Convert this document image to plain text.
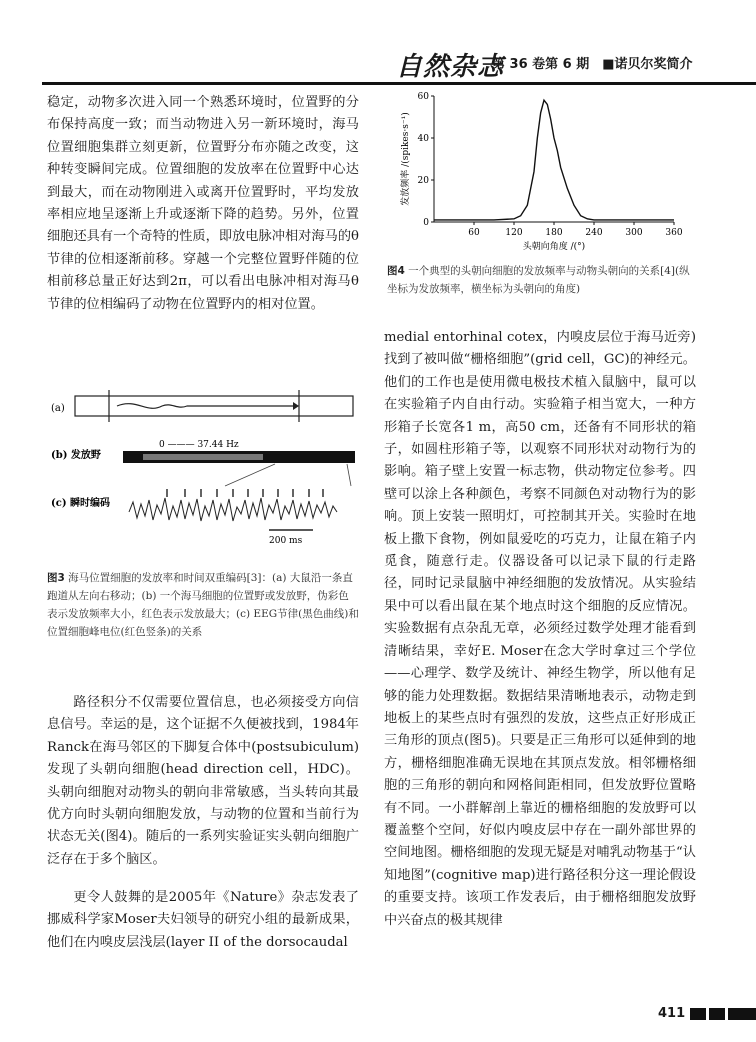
自然杂志
第 36 卷第 6 期　■诺贝尔奖简介

稳定，动物多次进入同一个熟悉环境时，位置野的分布保持高度一致；而当动物进入另一新环境时，海马位置细胞集群立刻更新，位置野分布亦随之改变，这种转变瞬间完成。位置细胞的发放率在位置野中心达到最大，而在动物刚进入或离开位置野时，平均发放率相应地呈逐渐上升或逐渐下降的趋势。另外，位置细胞还具有一个奇特的性质，即放电脉冲相对海马的θ节律的位相逐渐前移。穿越一个完整位置野伴随的位相前移总量正好达到2π，可以看出电脉冲相对海马θ节律的位相编码了动物在位置野内的相对位置。

(a)
(b) 发放野
0 ——— 37.44 Hz
(c) 瞬时编码
200 ms
图3 海马位置细胞的发放率和时间双重编码[3]：(a) 大鼠沿一条直跑道从左向右移动；(b) 一个海马细胞的位置野或发放野，伪彩色表示发放频率大小，红色表示发放最大；(c) EEG节律(黑色曲线)和位置细胞峰电位(红色竖条)的关系

路径积分不仅需要位置信息，也必须接受方向信息信号。幸运的是，这个证据不久便被找到，1984年Ranck在海马邻区的下脚复合体中(postsubiculum)发现了头朝向细胞(head direction cell，HDC)。头朝向细胞对动物头的朝向非常敏感，当头转向其最优方向时头朝向细胞发放，与动物的位置和当前行为状态无关(图4)。随后的一系列实验证实头朝向细胞广泛存在于多个脑区。

更令人鼓舞的是2005年《Nature》杂志发表了挪威科学家Moser夫妇领导的研究小组的最新成果，他们在内嗅皮层浅层(layer II of the dorsocaudal

60	120	180	240	300	360
0
20
40
60
头朝向角度 /(°)
发放频率 /(spikes·s⁻¹)
图4 一个典型的头朝向细胞的发放频率与动物头朝向的关系[4](纵坐标为发放频率，横坐标为头朝向的角度)

medial entorhinal cotex，内嗅皮层位于海马近旁)找到了被叫做“栅格细胞”(grid cell，GC)的神经元。他们的工作也是使用微电极技术植入鼠脑中，鼠可以在实验箱子内自由行动。实验箱子相当宽大，一种方形箱子长宽各1 m，高50 cm，还备有不同形状的箱子，如圆柱形箱子等，以观察不同形状对动物行为的影响。箱子壁上安置一标志物，供动物定位参考。四壁可以涂上各种颜色，考察不同颜色对动物行为的影响。顶上安装一照明灯，可控制其开关。实验时在地板上撒下食物，例如鼠爱吃的巧克力，让鼠在箱子内觅食，随意行走。仪器设备可以记录下鼠的行走路径，同时记录鼠脑中神经细胞的发放情况。从实验结果中可以看出鼠在某个地点时这个细胞的反应情况。实验数据有点杂乱无章，必须经过数学处理才能看到清晰结果，幸好E. Moser在念大学时拿过三个学位——心理学、数学及统计、神经生物学，所以他有足够的能力处理数据。数据结果清晰地表示，动物走到地板上的某些点时有强烈的发放，这些点正好形成正三角形的顶点(图5)。只要是正三角形可以延伸到的地方，栅格细胞准确无误地在其顶点发放。相邻栅格细胞的三角形的朝向和网格间距相同，但发放野位置略有不同。一小群解剖上靠近的栅格细胞的发放野可以覆盖整个空间，好似内嗅皮层中存在一副外部世界的空间地图。栅格细胞的发现无疑是对哺乳动物基于“认知地图”(cognitive map)进行路径积分这一理论假设的重要支持。该项工作发表后，由于栅格细胞发放野中兴奋点的极其规律

411
